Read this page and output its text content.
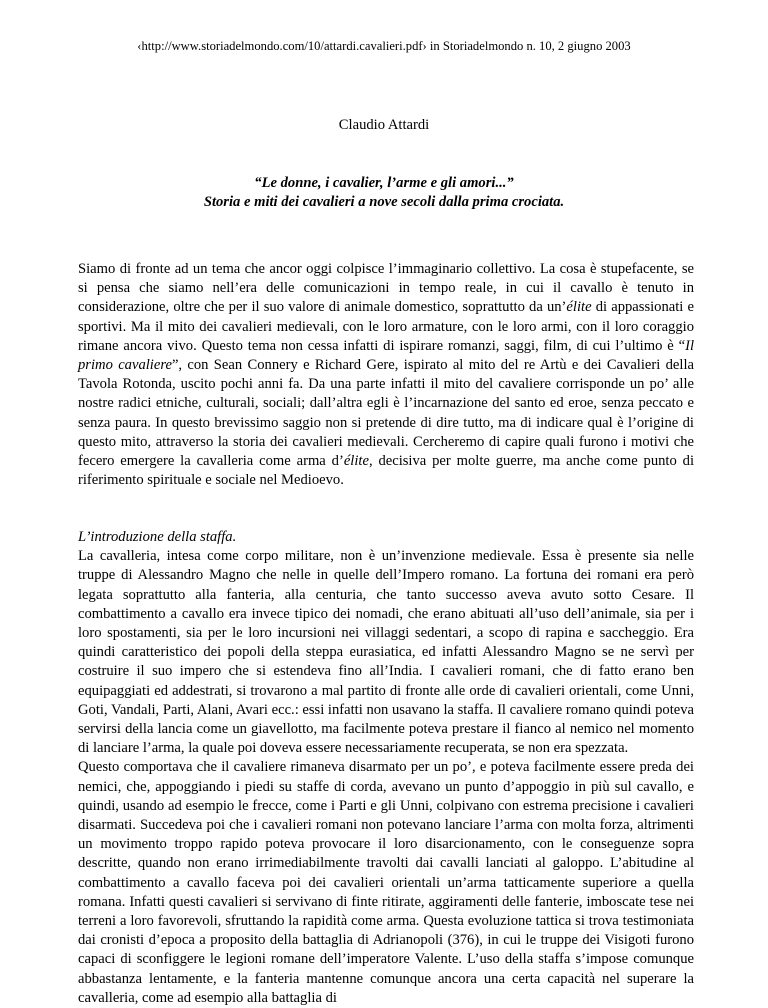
‹http://www.storiadelmondo.com/10/attardi.cavalieri.pdf› in Storiadelmondo n. 10, 2 giugno 2003
Claudio Attardi
“Le donne, i cavalier, l’arme e gli amori...”
Storia e miti dei cavalieri a nove secoli dalla prima crociata.

Siamo di fronte ad un tema che ancor oggi colpisce l’immaginario collettivo. La cosa è stupefacente, se si pensa che siamo nell’era delle comunicazioni in tempo reale, in cui il cavallo è tenuto in considerazione, oltre che per il suo valore di animale domestico, soprattutto da un’élite di appassionati e sportivi. Ma il mito dei cavalieri medievali, con le loro armature, con le loro armi, con il loro coraggio rimane ancora vivo. Questo tema non cessa infatti di ispirare romanzi, saggi, film, di cui l’ultimo è “Il primo cavaliere”, con Sean Connery e Richard Gere, ispirato al mito del re Artù e dei Cavalieri della Tavola Rotonda, uscito pochi anni fa. Da una parte infatti il mito del cavaliere corrisponde un po’ alle nostre radici etniche, culturali, sociali; dall’altra egli è l’incarnazione del santo ed eroe, senza peccato e senza paura. In questo brevissimo saggio non si pretende di dire tutto, ma di indicare qual è l’origine di questo mito, attraverso la storia dei cavalieri medievali. Cercheremo di capire quali furono i motivi che fecero emergere la cavalleria come arma d’élite, decisiva per molte guerre, ma anche come punto di riferimento spirituale e sociale nel Medioevo.

L’introduzione della staffa.

La cavalleria, intesa come corpo militare, non è un’invenzione medievale. Essa è presente sia nelle truppe di Alessandro Magno che nelle in quelle dell’Impero romano. La fortuna dei romani era però legata soprattutto alla fanteria, alla centuria, che tanto successo aveva avuto sotto Cesare. Il combattimento a cavallo era invece tipico dei nomadi, che erano abituati all’uso dell’animale, sia per i loro spostamenti, sia per le loro incursioni nei villaggi sedentari, a scopo di rapina e saccheggio. Era quindi caratteristico dei popoli della steppa eurasiatica, ed infatti Alessandro Magno se ne servì per costruire il suo impero che si estendeva fino all’India. I cavalieri romani, che di fatto erano ben equipaggiati ed addestrati, si trovarono a mal partito di fronte alle orde di cavalieri orientali, come Unni, Goti, Vandali, Parti, Alani, Avari ecc.: essi infatti non usavano la staffa. Il cavaliere romano quindi poteva servirsi della lancia come un giavellotto, ma facilmente poteva prestare il fianco al nemico nel momento di lanciare l’arma, la quale poi doveva essere necessariamente recuperata, se non era spezzata.

Questo comportava che il cavaliere rimaneva disarmato per un po’, e poteva facilmente essere preda dei nemici, che, appoggiando i piedi su staffe di corda, avevano un punto d’appoggio in più sul cavallo, e quindi, usando ad esempio le frecce, come i Parti e gli Unni, colpivano con estrema precisione i cavalieri disarmati. Succedeva poi che i cavalieri romani non potevano lanciare l’arma con molta forza, altrimenti un movimento troppo rapido poteva provocare il loro disarcionamento, con le conseguenze sopra descritte, quando non erano irrimediabilmente travolti dai cavalli lanciati al galoppo. L’abitudine al combattimento a cavallo faceva poi dei cavalieri orientali un’arma tatticamente superiore a quella romana. Infatti questi cavalieri si servivano di finte ritirate, aggiramenti delle fanterie, imboscate tese nei terreni a loro favorevoli, sfruttando la rapidità come arma. Questa evoluzione tattica si trova testimoniata dai cronisti d’epoca a proposito della battaglia di Adrianopoli (376), in cui le truppe dei Visigoti furono capaci di sconfiggere le legioni romane dell’imperatore Valente. L’uso della staffa s’impose comunque abbastanza lentamente, e la fanteria mantenne comunque ancora una certa capacità nel superare la cavalleria, come ad esempio alla battaglia di
